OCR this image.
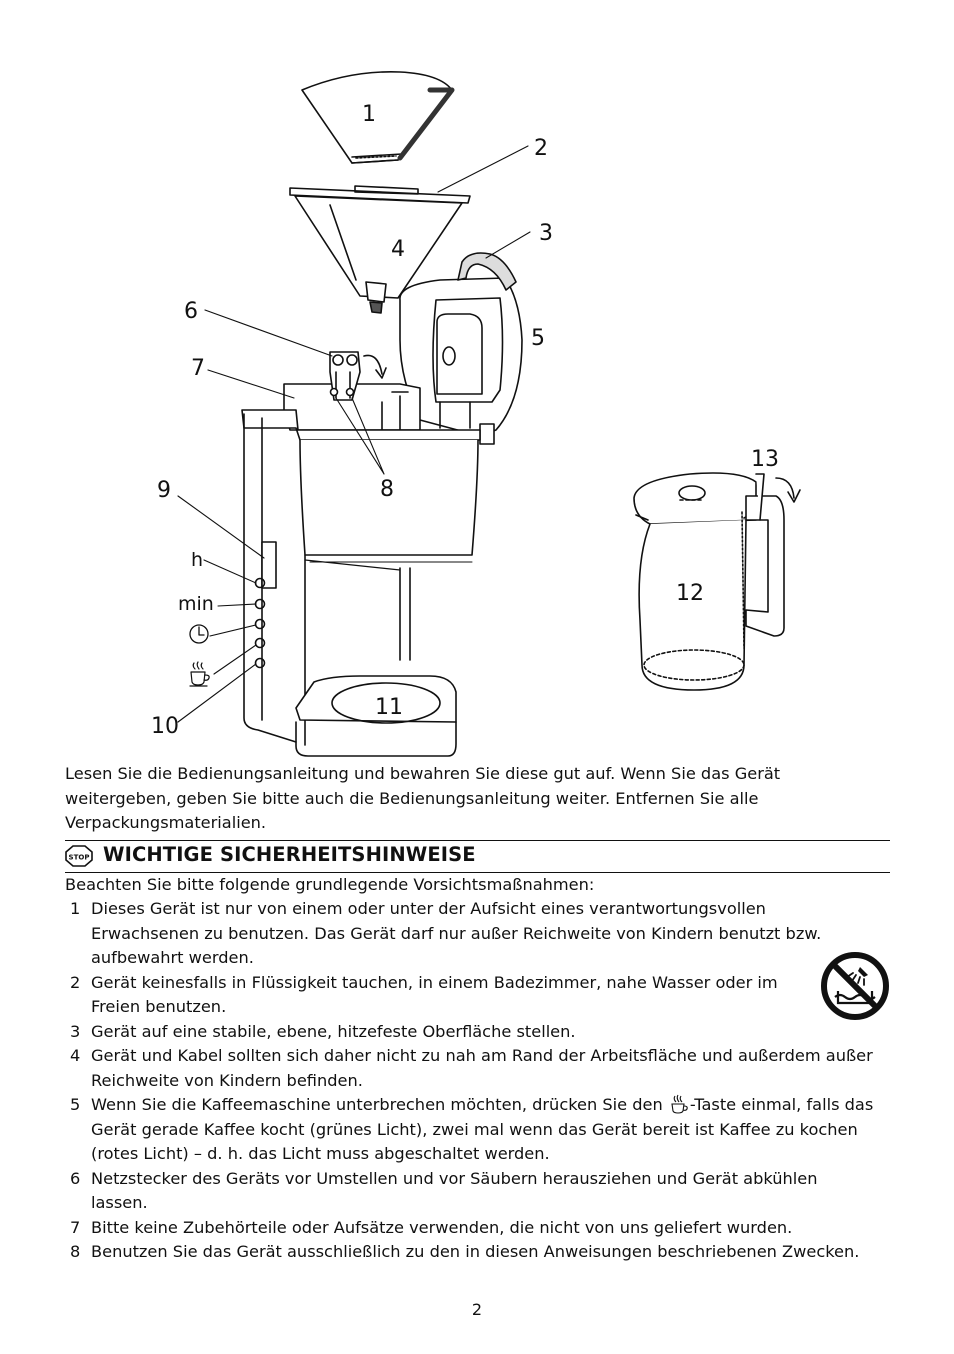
1
2
3
4
5
6
7
8
9
10
11
12
13
h
min

Lesen Sie die Bedienungsanleitung und bewahren Sie diese gut auf. Wenn Sie das Gerät weitergeben, geben Sie bitte auch die Bedienungsanleitung weiter. Entfernen Sie alle Verpackungsmaterialien.

STOP WICHTIGE SICHERHEITSHINWEISE
Beachten Sie bitte folgende grundlegende Vorsichtsmaßnahmen:
1 Dieses Gerät ist nur von einem oder unter der Aufsicht eines verantwortungsvollen Erwachsenen zu benutzen. Das Gerät darf nur außer Reichweite von Kindern benutzt bzw. aufbewahrt werden.
2 Gerät keinesfalls in Flüssigkeit tauchen, in einem Badezimmer, nahe Wasser oder im Freien benutzen.
3 Gerät auf eine stabile, ebene, hitzefeste Oberfläche stellen.
4 Gerät und Kabel sollten sich daher nicht zu nah am Rand der Arbeitsfläche und außerdem außer Reichweite von Kindern befinden.
5 Wenn Sie die Kaffeemaschine unterbrechen möchten, drücken Sie den -Taste einmal, falls das Gerät gerade Kaffee kocht (grünes Licht), zwei mal wenn das Gerät bereit ist Kaffee zu kochen (rotes Licht) – d. h. das Licht muss abgeschaltet werden.
6 Netzstecker des Geräts vor Umstellen und vor Säubern herausziehen und Gerät abkühlen lassen.
7 Bitte keine Zubehörteile oder Aufsätze verwenden, die nicht von uns geliefert wurden.
8 Benutzen Sie das Gerät ausschließlich zu den in diesen Anweisungen beschriebenen Zwecken.
2
